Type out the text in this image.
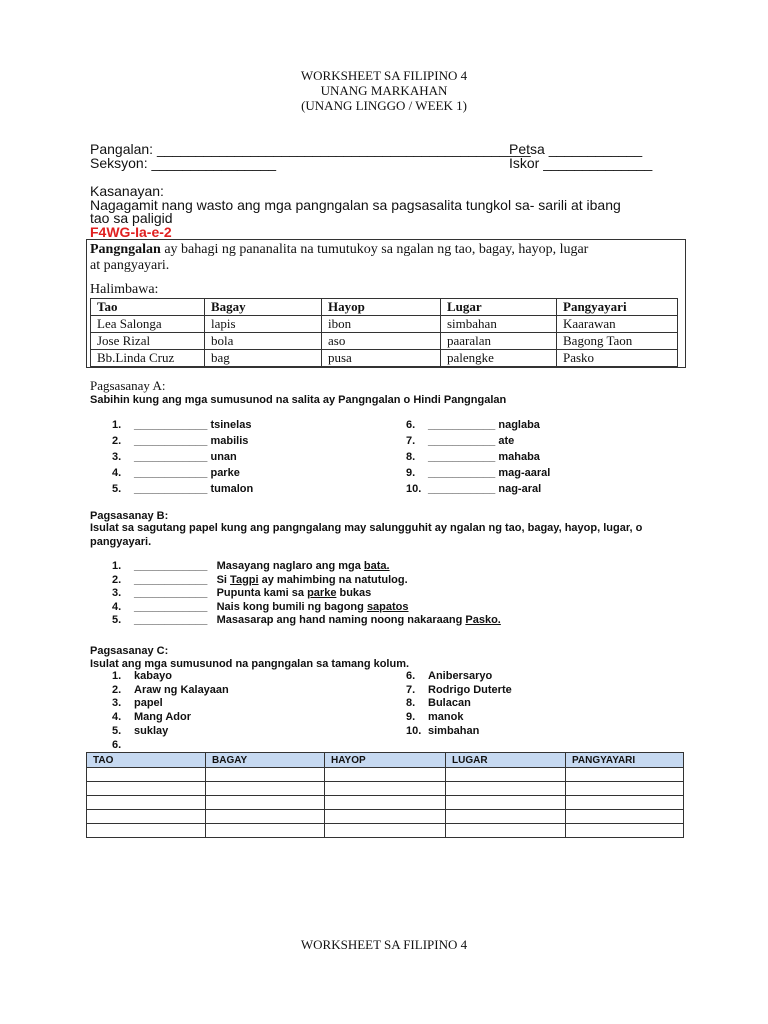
WORKSHEET SA FILIPINO 4
UNANG MARKAHAN
(UNANG LINGGO / WEEK 1)
Pangalan: ________________________________________________
Petsa ____________
Seksyon: ________________	Iskor ______________
Kasanayan:
Nagagamit nang wasto ang mga pangngalan sa pagsasalita tungkol sa- sarili at ibang
tao sa paligid
F4WG-Ia-e-2
Pangngalan ay bahagi ng pananalita na tumutukoy sa ngalan ng tao, bagay, hayop, lugar
at pangyayari.
Halimbawa:
Tao	Bagay	Hayop	Lugar	Pangyayari
Lea Salonga	lapis	ibon	simbahan	Kaarawan
Jose Rizal	bola	aso	paaralan	Bagong Taon
Bb.Linda Cruz	bag	pusa	palengke	Pasko
Pagsasanay A:
Sabihin kung ang mga sumusunod na salita ay Pangngalan o Hindi Pangngalan
1. ____________ tsinelas
2. ____________ mabilis
3. ____________ unan
4. ____________ parke
5. ____________ tumalon
6. ___________ naglaba
7. ___________ ate
8. ___________ mahaba
9. ___________ mag-aaral
10. ___________ nag-aral
Pagsasanay B:
Isulat sa sagutang papel kung ang pangngalang may salungguhit ay ngalan ng tao, bagay, hayop, lugar, o
pangyayari.
1. ____________ Masayang naglaro ang mga bata.
2. ____________ Si Tagpi ay mahimbing na natutulog.
3. ____________ Pupunta kami sa parke bukas
4. ____________ Nais kong bumili ng bagong sapatos
5. ____________ Masasarap ang hand naming noong nakaraang Pasko.
Pagsasanay C:
Isulat ang mga sumusunod na pangngalan sa tamang kolum.
1. kabayo
2. Araw ng Kalayaan
3. papel
4. Mang Ador
5. suklay
6.
6. Anibersaryo
7. Rodrigo Duterte
8. Bulacan
9. manok
10. simbahan
TAO	BAGAY	HAYOP	LUGAR	PANGYAYARI

WORKSHEET SA FILIPINO 4
